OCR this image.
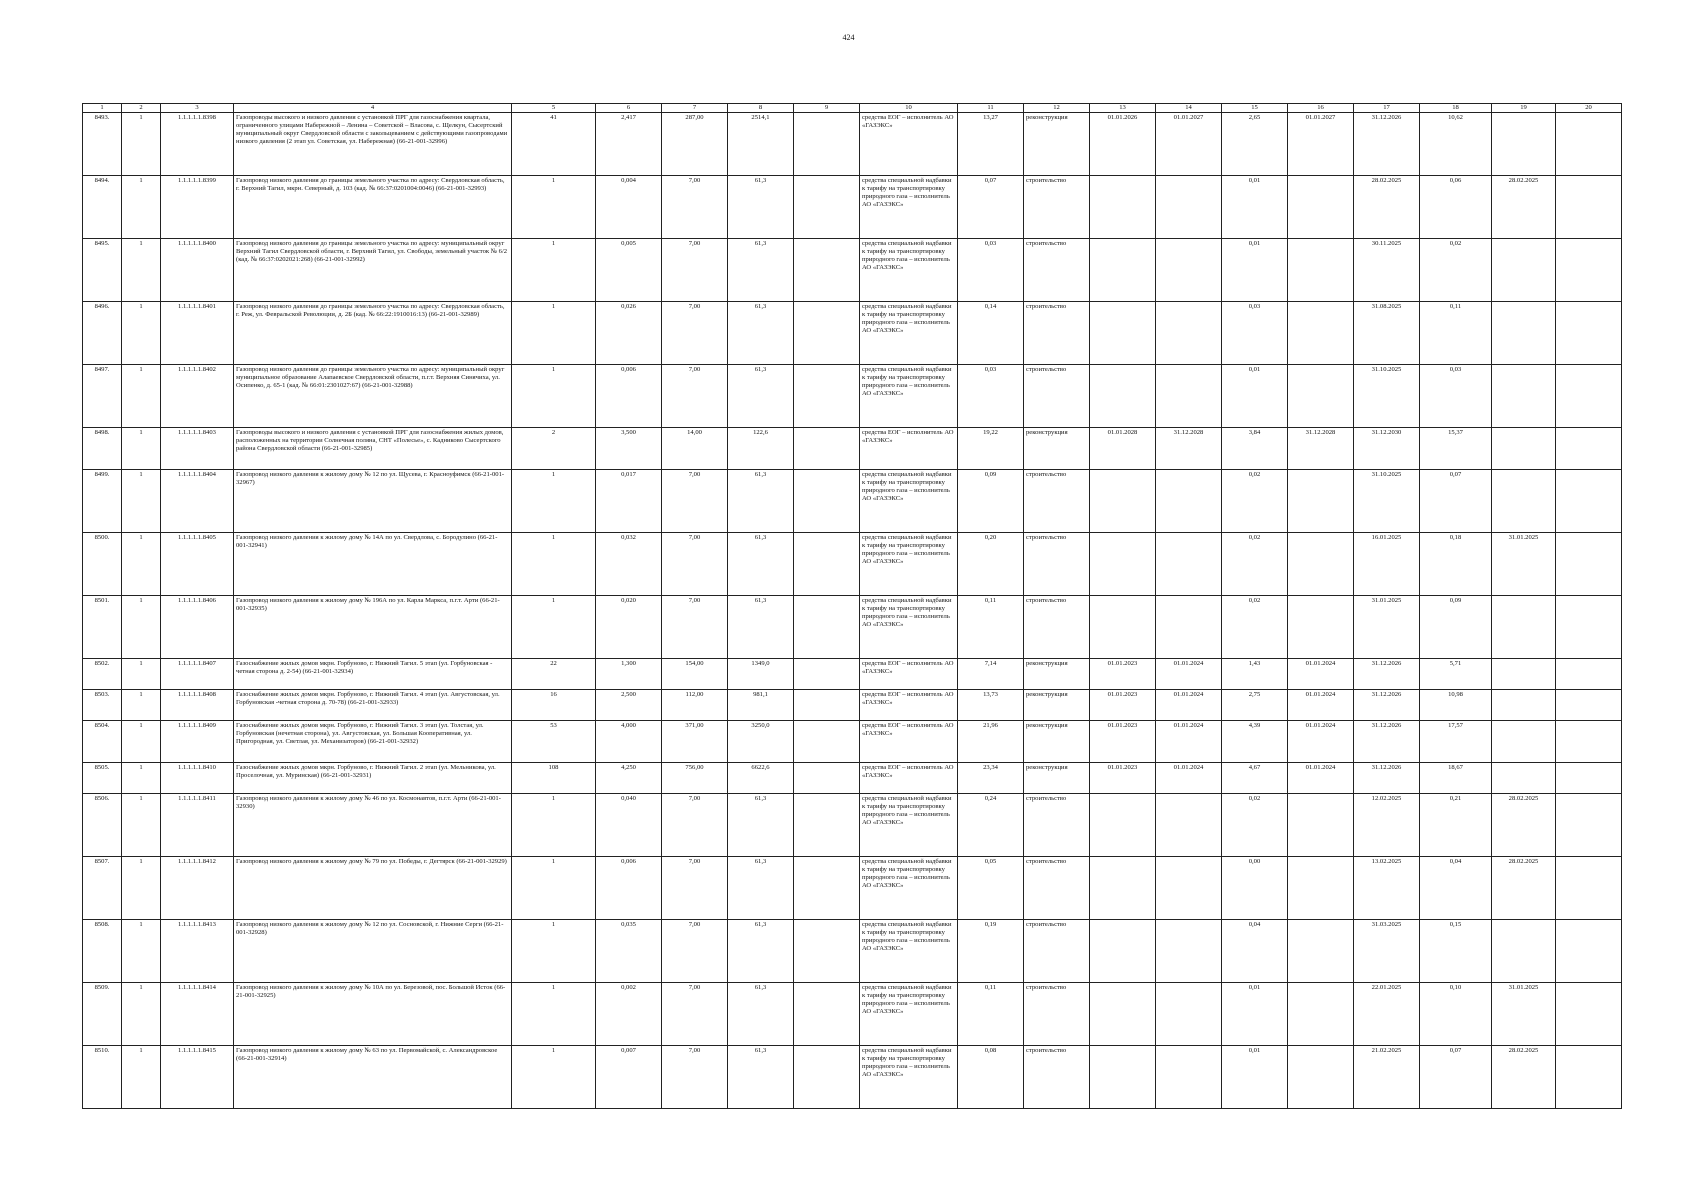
424
1	2	3	4	5	6	7	8	9	10	11	12	13	14	15	16	17	18	19	20
8493.	1	1.1.1.1.1.8398	Газопроводы высокого и низкого давления с установкой ПРГ для газоснабжения квартала, ограниченного улицами Набережной – Ленина – Советской – Власова, с. Щелкун, Сысертский муниципальный округ Свердловской области с закольцеванием с действующими газопроводами низкого давления (2 этап ул. Советская, ул. Набережная) (66-21-001-32996)	41	2,417	287,00	2514,1		средства ЕОГ – исполнитель АО «ГАЗЭКС»	13,27	реконструкция	01.01.2026	01.01.2027	2,65	01.01.2027	31.12.2026	10,62		
8494.	1	1.1.1.1.1.8399	Газопровод низкого давления до границы земельного участка по адресу: Свердловская область, г. Верхний Тагил, мкрн. Северный, д. 103 (кад. № 66:37:0201004:0046) (66-21-001-32993)	1	0,004	7,00	61,3		средства специальной надбавки к тарифу на транспортировку природного газа – исполнитель АО «ГАЗЭКС»	0,07	строительство			0,01		28.02.2025	0,06	28.02.2025	
8495.	1	1.1.1.1.1.8400	Газопровод низкого давления до границы земельного участка по адресу: муниципальный округ Верхний Тагил Свердловской области, г. Верхний Тагил, ул. Свободы, земельный участок № 6/2 (кад. № 66:37:0202021:268) (66-21-001-32992)	1	0,005	7,00	61,3		средства специальной надбавки к тарифу на транспортировку природного газа – исполнитель АО «ГАЗЭКС»	0,03	строительство			0,01		30.11.2025	0,02		
8496.	1	1.1.1.1.1.8401	Газопровод низкого давления до границы земельного участка по адресу: Свердловская область, г. Реж, ул. Февральской Революции, д. 2Б (кад. № 66:22:1910016:13) (66-21-001-32989)	1	0,026	7,00	61,3		средства специальной надбавки к тарифу на транспортировку природного газа – исполнитель АО «ГАЗЭКС»	0,14	строительство			0,03		31.08.2025	0,11		
8497.	1	1.1.1.1.1.8402	Газопровод низкого давления до границы земельного участка по адресу: муниципальный округ муниципальное образование Алапаевское Свердловской области, п.г.т. Верхняя Синячиха, ул. Осипенко, д. 65-1 (кад. № 66:01:2301027:67) (66-21-001-32988)	1	0,006	7,00	61,3		средства специальной надбавки к тарифу на транспортировку природного газа – исполнитель АО «ГАЗЭКС»	0,03	строительство			0,01		31.10.2025	0,03		
8498.	1	1.1.1.1.1.8403	Газопроводы высокого и низкого давления с установкой ПРГ для газоснабжения жилых домов, расположенных на территории Солнечная поляна, СНТ «Полесье», с. Кадниково Сысертского района Свердловской области (66-21-001-32985)	2	3,500	14,00	122,6		средства ЕОГ – исполнитель АО «ГАЗЭКС»	19,22	реконструкция	01.01.2028	31.12.2028	3,84	31.12.2028	31.12.2030	15,37		
8499.	1	1.1.1.1.1.8404	Газопровод низкого давления к жилому дому № 12 по ул. Щусева, г. Красноуфимск (66-21-001-32967)	1	0,017	7,00	61,3		средства специальной надбавки к тарифу на транспортировку природного газа – исполнитель АО «ГАЗЭКС»	0,09	строительство			0,02		31.10.2025	0,07		
8500.	1	1.1.1.1.1.8405	Газопровод низкого давления к жилому дому № 14А по ул. Свердлова, с. Бородулино (66-21-001-32941)	1	0,032	7,00	61,3		средства специальной надбавки к тарифу на транспортировку природного газа – исполнитель АО «ГАЗЭКС»	0,20	строительство			0,02		16.01.2025	0,18	31.01.2025	
8501.	1	1.1.1.1.1.8406	Газопровод низкого давления к жилому дому № 196А по ул. Карла Маркса, п.г.т. Арти (66-21-001-32935)	1	0,020	7,00	61,3		средства специальной надбавки к тарифу на транспортировку природного газа – исполнитель АО «ГАЗЭКС»	0,11	строительство			0,02		31.01.2025	0,09		
8502.	1	1.1.1.1.1.8407	Газоснабжение жилых домов мкрн. Горбуново, г. Нижний Тагил. 5 этап (ул. Горбуновская - четная сторона д. 2-54) (66-21-001-32934)	22	1,300	154,00	1349,0		средства ЕОГ – исполнитель АО «ГАЗЭКС»	7,14	реконструкция	01.01.2023	01.01.2024	1,43	01.01.2024	31.12.2026	5,71		
8503.	1	1.1.1.1.1.8408	Газоснабжение жилых домов мкрн. Горбуново, г. Нижний Тагил. 4 этап (ул. Августовская, ул. Горбуновская -четная сторона д. 70-78) (66-21-001-32933)	16	2,500	112,00	981,1		средства ЕОГ – исполнитель АО «ГАЗЭКС»	13,73	реконструкция	01.01.2023	01.01.2024	2,75	01.01.2024	31.12.2026	10,98		
8504.	1	1.1.1.1.1.8409	Газоснабжение жилых домов мкрн. Горбуново, г. Нижний Тагил. 3 этап (ул. Толстая, ул. Горбуновская (нечетная сторона), ул. Августовская, ул. Большая Кооперативная, ул. Пригородная, ул. Светлая, ул. Механизаторов) (66-21-001-32932)	53	4,000	371,00	3250,0		средства ЕОГ – исполнитель АО «ГАЗЭКС»	21,96	реконструкция	01.01.2023	01.01.2024	4,39	01.01.2024	31.12.2026	17,57		
8505.	1	1.1.1.1.1.8410	Газоснабжение жилых домов мкрн. Горбуново, г. Нижний Тагил. 2 этап (ул. Мельникова, ул. Проселочная, ул. Муринская) (66-21-001-32931)	108	4,250	756,00	6622,6		средства ЕОГ – исполнитель АО «ГАЗЭКС»	23,34	реконструкция	01.01.2023	01.01.2024	4,67	01.01.2024	31.12.2026	18,67		
8506.	1	1.1.1.1.1.8411	Газопровод низкого давления к жилому дому № 46 по ул. Космонавтов, п.г.т. Арти (66-21-001-32930)	1	0,040	7,00	61,3		средства специальной надбавки к тарифу на транспортировку природного газа – исполнитель АО «ГАЗЭКС»	0,24	строительство			0,02		12.02.2025	0,21	28.02.2025	
8507.	1	1.1.1.1.1.8412	Газопровод низкого давления к жилому дому № 79 по ул. Победы, г. Дегтярск (66-21-001-32929)	1	0,006	7,00	61,3		средства специальной надбавки к тарифу на транспортировку природного газа – исполнитель АО «ГАЗЭКС»	0,05	строительство			0,00		13.02.2025	0,04	28.02.2025	
8508.	1	1.1.1.1.1.8413	Газопровод низкого давления к жилому дому № 12 по ул. Сосновской, г. Нижние Серги (66-21-001-32928)	1	0,035	7,00	61,3		средства специальной надбавки к тарифу на транспортировку природного газа – исполнитель АО «ГАЗЭКС»	0,19	строительство			0,04		31.03.2025	0,15		
8509.	1	1.1.1.1.1.8414	Газопровод низкого давления к жилому дому № 10А по ул. Березовой, пос. Большой Исток (66-21-001-32925)	1	0,002	7,00	61,3		средства специальной надбавки к тарифу на транспортировку природного газа – исполнитель АО «ГАЗЭКС»	0,11	строительство			0,01		22.01.2025	0,10	31.01.2025	
8510.	1	1.1.1.1.1.8415	Газопровод низкого давления к жилому дому № 63 по ул. Первомайской, с. Александровское (66-21-001-32914)	1	0,007	7,00	61,3		средства специальной надбавки к тарифу на транспортировку природного газа – исполнитель АО «ГАЗЭКС»	0,08	строительство			0,01		21.02.2025	0,07	28.02.2025	
